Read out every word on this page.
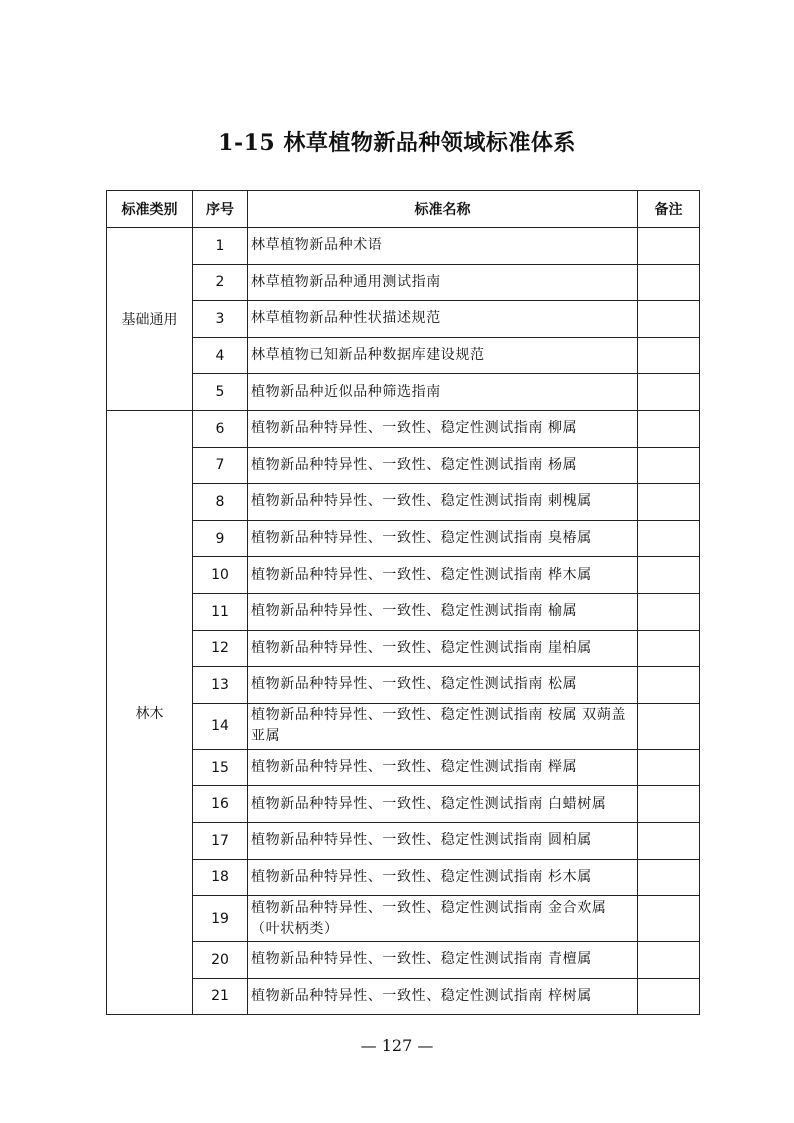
1-15 林草植物新品种领域标准体系
标准类别	序号	标准名称	备注
基础通用	1	林草植物新品种术语	
	2	林草植物新品种通用测试指南	
	3	林草植物新品种性状描述规范	
	4	林草植物已知新品种数据库建设规范	
	5	植物新品种近似品种筛选指南	
林木	6	植物新品种特异性、一致性、稳定性测试指南 柳属	
	7	植物新品种特异性、一致性、稳定性测试指南 杨属	
	8	植物新品种特异性、一致性、稳定性测试指南 刺槐属	
	9	植物新品种特异性、一致性、稳定性测试指南 臭椿属	
	10	植物新品种特异性、一致性、稳定性测试指南 桦木属	
	11	植物新品种特异性、一致性、稳定性测试指南 榆属	
	12	植物新品种特异性、一致性、稳定性测试指南 崖柏属	
	13	植物新品种特异性、一致性、稳定性测试指南 松属	
	14	植物新品种特异性、一致性、稳定性测试指南 桉属 双蒴盖亚属	
	15	植物新品种特异性、一致性、稳定性测试指南 榉属	
	16	植物新品种特异性、一致性、稳定性测试指南 白蜡树属	
	17	植物新品种特异性、一致性、稳定性测试指南 圆柏属	
	18	植物新品种特异性、一致性、稳定性测试指南 杉木属	
	19	植物新品种特异性、一致性、稳定性测试指南 金合欢属（叶状柄类）	
	20	植物新品种特异性、一致性、稳定性测试指南 青檀属	
	21	植物新品种特异性、一致性、稳定性测试指南 梓树属	
— 127 —
